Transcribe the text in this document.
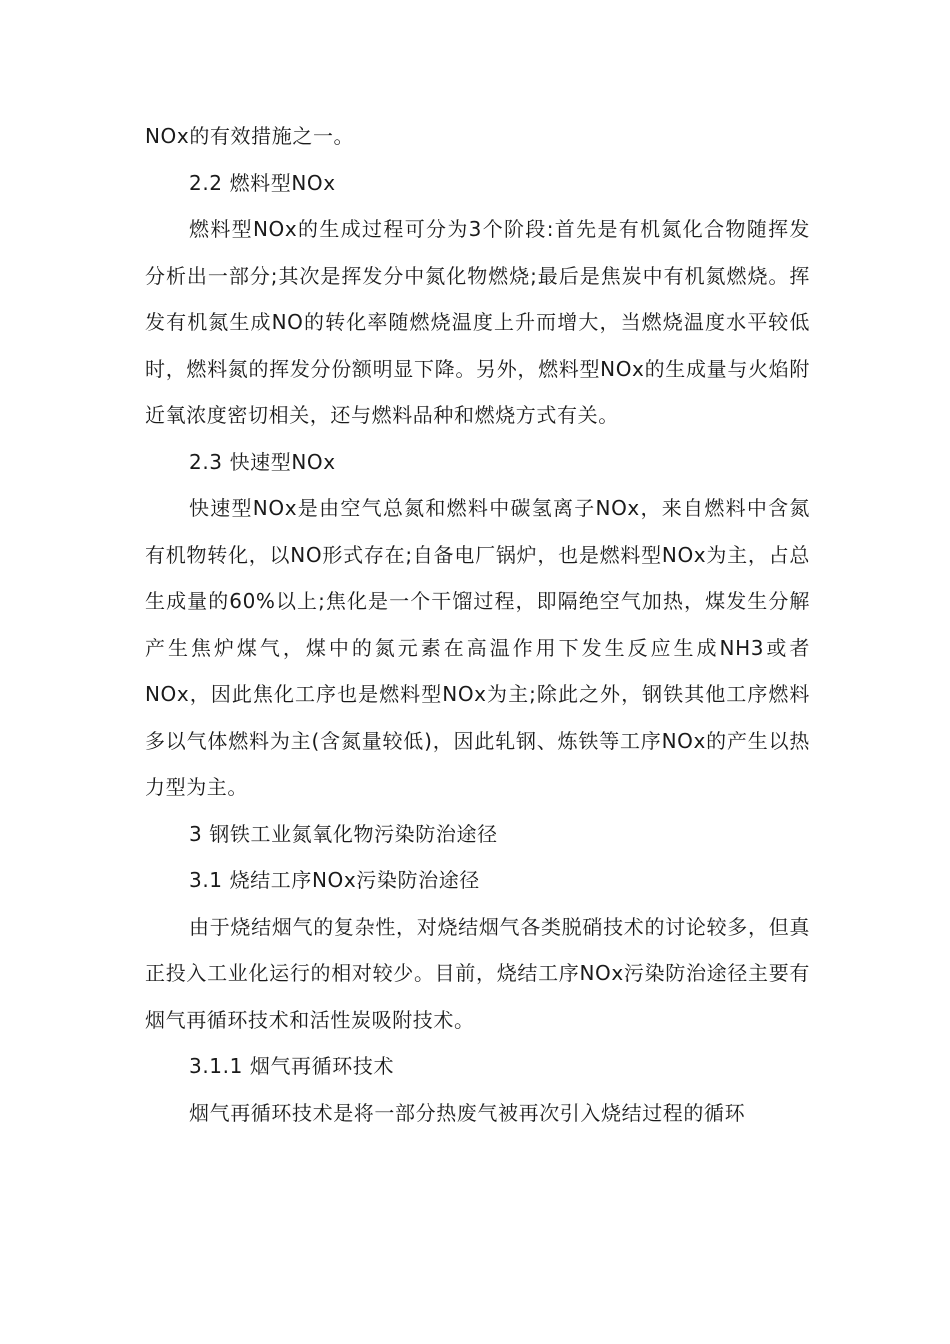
NOx的有效措施之一。

2.2 燃料型NOx

燃料型NOx的生成过程可分为3个阶段:首先是有机氮化合物随挥发分析出一部分;其次是挥发分中氮化物燃烧;最后是焦炭中有机氮燃烧。挥发有机氮生成NO的转化率随燃烧温度上升而增大，当燃烧温度水平较低时，燃料氮的挥发分份额明显下降。另外，燃料型NOx的生成量与火焰附近氧浓度密切相关，还与燃料品种和燃烧方式有关。

2.3 快速型NOx

快速型NOx是由空气总氮和燃料中碳氢离子NOx，来自燃料中含氮有机物转化，以NO形式存在;自备电厂锅炉，也是燃料型NOx为主，占总生成量的60%以上;焦化是一个干馏过程，即隔绝空气加热，煤发生分解产生焦炉煤气，煤中的氮元素在高温作用下发生反应生成NH3或者NOx，因此焦化工序也是燃料型NOx为主;除此之外，钢铁其他工序燃料多以气体燃料为主(含氮量较低)，因此轧钢、炼铁等工序NOx的产生以热力型为主。

3 钢铁工业氮氧化物污染防治途径

3.1 烧结工序NOx污染防治途径

由于烧结烟气的复杂性，对烧结烟气各类脱硝技术的讨论较多，但真正投入工业化运行的相对较少。目前，烧结工序NOx污染防治途径主要有烟气再循环技术和活性炭吸附技术。

3.1.1 烟气再循环技术

烟气再循环技术是将一部分热废气被再次引入烧结过程的循环
